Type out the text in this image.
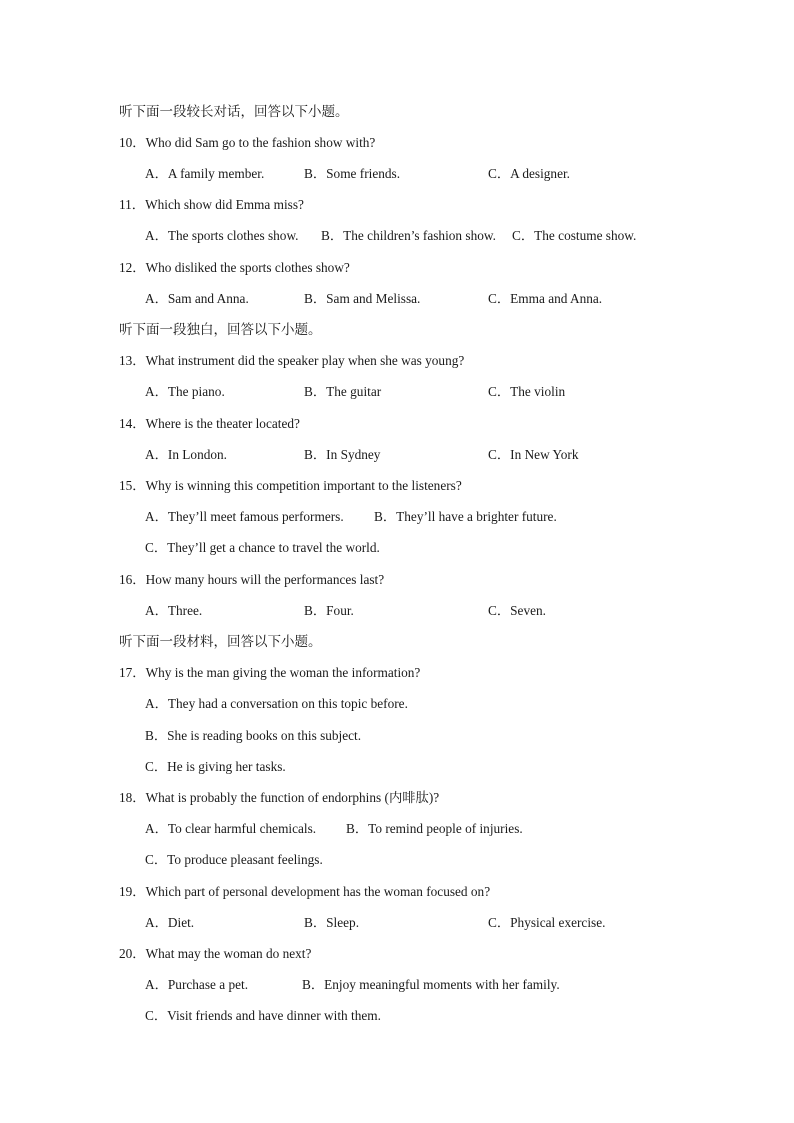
听下面一段较长对话，回答以下小题。
10．Who did Sam go to the fashion show with?
A．A family member.	B．Some friends.	C．A designer.
11．Which show did Emma miss?
A．The sports clothes show. B．The children’s fashion show. C．The costume show.
12．Who disliked the sports clothes show?
A．Sam and Anna.	B．Sam and Melissa.	C．Emma and Anna.
听下面一段独白，回答以下小题。
13．What instrument did the speaker play when she was young?
A．The piano.	B．The guitar	C．The violin
14．Where is the theater located?
A．In London.	B．In Sydney	C．In New York
15．Why is winning this competition important to the listeners?
A．They’ll meet famous performers. B．They’ll have a brighter future.
C．They’ll get a chance to travel the world.
16．How many hours will the performances last?
A．Three.	B．Four.	C．Seven.
听下面一段材料，回答以下小题。
17．Why is the man giving the woman the information?
A．They had a conversation on this topic before.
B．She is reading books on this subject.
C．He is giving her tasks.
18．What is probably the function of endorphins (内啡肽)?
A．To clear harmful chemicals. B．To remind people of injuries.
C．To produce pleasant feelings.
19．Which part of personal development has the woman focused on?
A．Diet.	B．Sleep.	C．Physical exercise.
20．What may the woman do next?
A．Purchase a pet.	B．Enjoy meaningful moments with her family.
C．Visit friends and have dinner with them.
